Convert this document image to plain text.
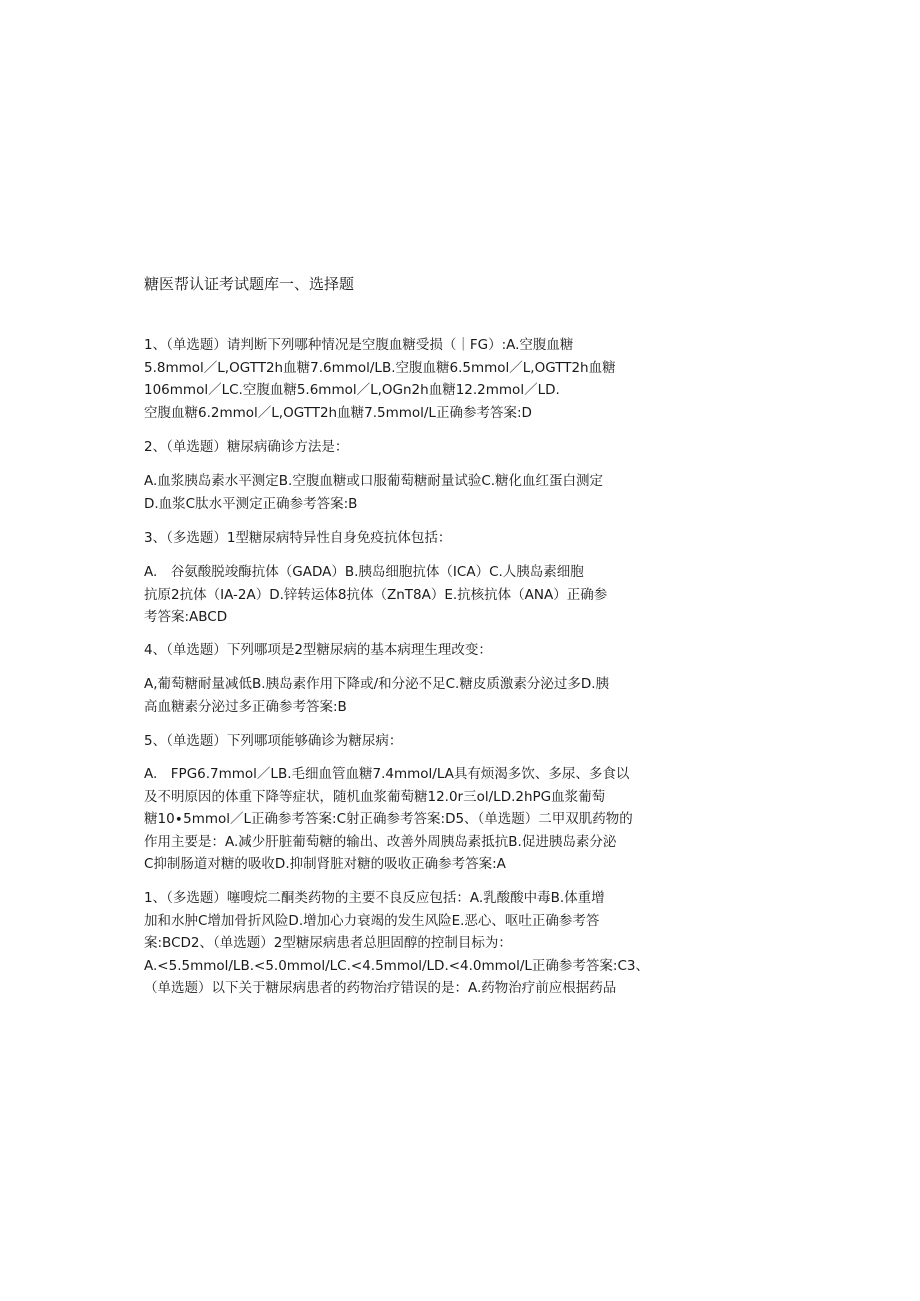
糖医帮认证考试题库一、选择题

1、（单选题）请判断下列哪种情况是空腹血糖受损（｜FG）:A.空腹血糖
5.8mmol／L,OGTT2h血糖7.6mmol/LB.空腹血糖6.5mmol／L,OGTT2h血糖
106mmol／LC.空腹血糖5.6mmol／L,OGn2h血糖12.2mmol／LD.
空腹血糖6.2mmol／L,OGTT2h血糖7.5mmol/L正确参考答案:D

2、（单选题）糖尿病确诊方法是：

A.血浆胰岛素水平测定B.空腹血糖或口服葡萄糖耐量试验C.糖化血红蛋白测定
D.血浆C肽水平测定正确参考答案:B

3、（多选题）1型糖尿病特异性自身免疫抗体包括：

A.　谷氨酸脱竣酶抗体（GADA）B.胰岛细胞抗体（ICA）C.人胰岛素细胞
抗原2抗体（IA-2A）D.锌转运体8抗体（ZnT8A）E.抗核抗体（ANA）正确参
考答案:ABCD

4、（单选题）下列哪项是2型糖尿病的基本病理生理改变：

A,葡萄糖耐量减低B.胰岛素作用下降或/和分泌不足C.糖皮质激素分泌过多D.胰
高血糖素分泌过多正确参考答案:B

5、（单选题）下列哪项能够确诊为糖尿病：

A.　FPG6.7mmol／LB.毛细血管血糖7.4mmol/LA具有烦渴多饮、多尿、多食以
及不明原因的体重下降等症状，随机血浆葡萄糖12.0r三ol/LD.2hPG血浆葡萄
糖10∙5mmol／L正确参考答案:C射正确参考答案:D5、（单选题）二甲双肌药物的
作用主要是：A.减少肝脏葡萄糖的输出、改善外周胰岛素抵抗B.促进胰岛素分泌
C抑制肠道对糖的吸收D.抑制肾脏对糖的吸收正确参考答案:A

1、（多选题）噻嗖烷二酮类药物的主要不良反应包括：A.乳酸酸中毒B.体重增
加和水肿C增加骨折风险D.增加心力衰竭的发生风险E.恶心、呕吐正确参考答
案:BCD2、（单选题）2型糖尿病患者总胆固醇的控制目标为：
A.<5.5mmol/LB.<5.0mmol/LC.<4.5mmol/LD.<4.0mmol/L正确参考答案:C3、
（单选题）以下关于糖尿病患者的药物治疗错误的是：A.药物治疗前应根据药品
